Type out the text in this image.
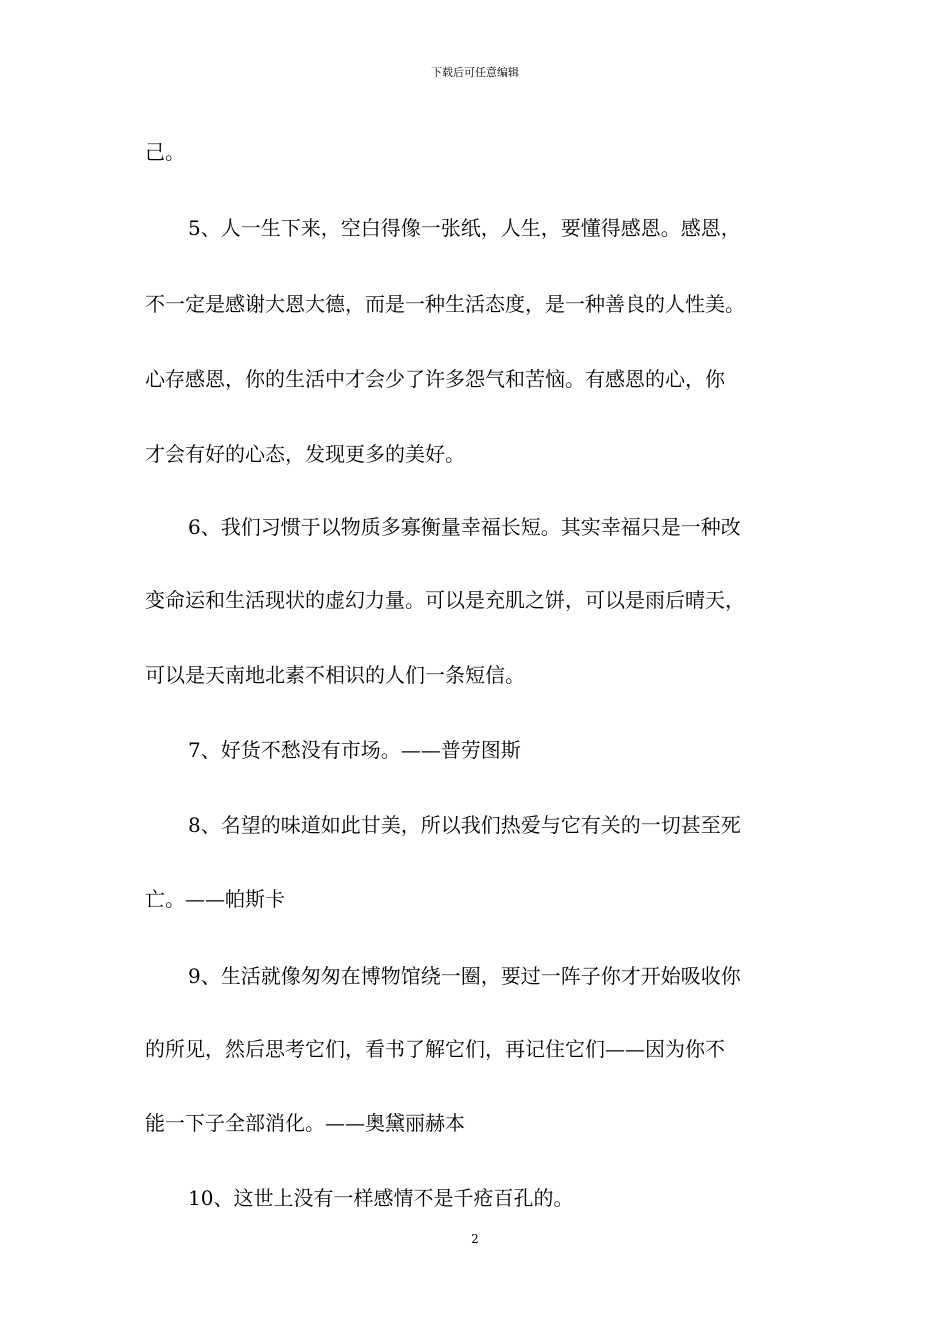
下载后可任意编辑
己。
5、人一生下来，空白得像一张纸，人生，要懂得感恩。感恩，
不一定是感谢大恩大德，而是一种生活态度，是一种善良的人性美。
心存感恩，你的生活中才会少了许多怨气和苦恼。有感恩的心，你
才会有好的心态，发现更多的美好。
6、我们习惯于以物质多寡衡量幸福长短。其实幸福只是一种改
变命运和生活现状的虚幻力量。可以是充肌之饼，可以是雨后晴天，
可以是天南地北素不相识的人们一条短信。
7、好货不愁没有市场。——普劳图斯
8、名望的味道如此甘美，所以我们热爱与它有关的一切甚至死
亡。——帕斯卡
9、生活就像匆匆在博物馆绕一圈，要过一阵子你才开始吸收你
的所见，然后思考它们，看书了解它们，再记住它们——因为你不
能一下子全部消化。——奥黛丽赫本
10、这世上没有一样感情不是千疮百孔的。
2
